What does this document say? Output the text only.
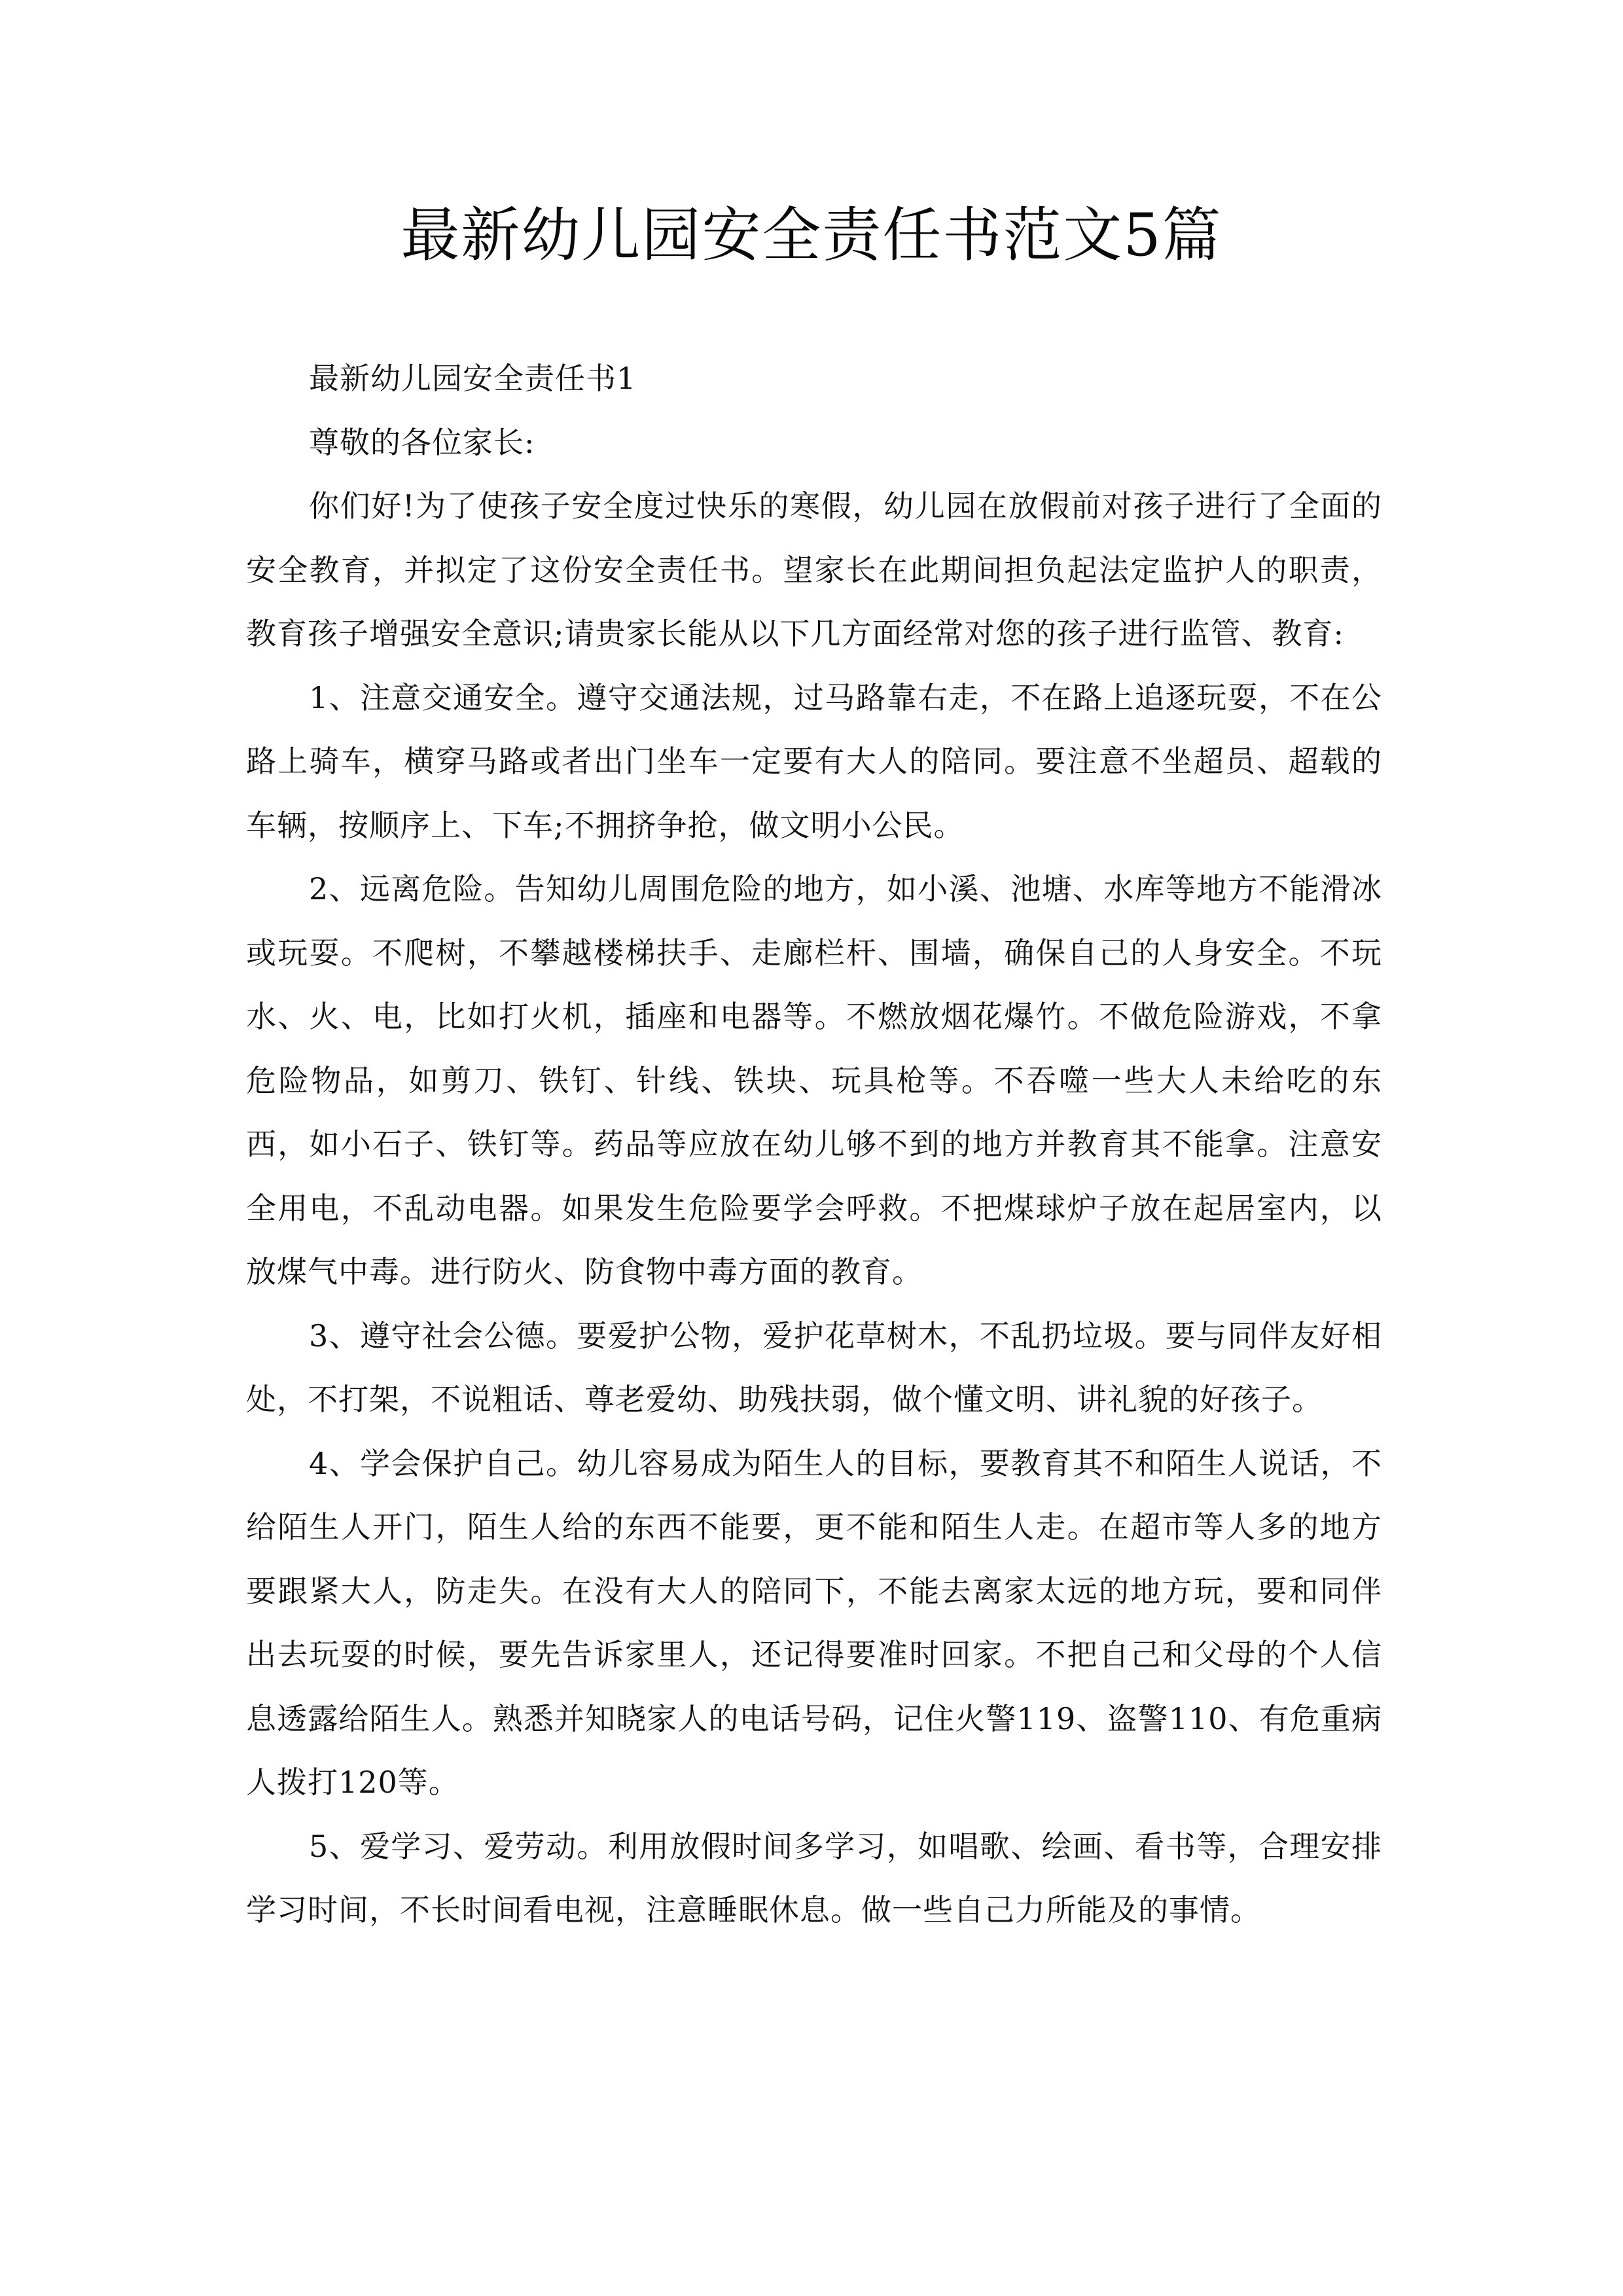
最新幼儿园安全责任书范文5篇

最新幼儿园安全责任书1

尊敬的各位家长:

你们好!为了使孩子安全度过快乐的寒假，幼儿园在放假前对孩子进行了全面的安全教育，并拟定了这份安全责任书。望家长在此期间担负起法定监护人的职责，教育孩子增强安全意识;请贵家长能从以下几方面经常对您的孩子进行监管、教育:

1、注意交通安全。遵守交通法规，过马路靠右走，不在路上追逐玩耍，不在公路上骑车，横穿马路或者出门坐车一定要有大人的陪同。要注意不坐超员、超载的车辆，按顺序上、下车;不拥挤争抢，做文明小公民。

2、远离危险。告知幼儿周围危险的地方，如小溪、池塘、水库等地方不能滑冰或玩耍。不爬树，不攀越楼梯扶手、走廊栏杆、围墙，确保自己的人身安全。不玩水、火、电，比如打火机，插座和电器等。不燃放烟花爆竹。不做危险游戏，不拿危险物品，如剪刀、铁钉、针线、铁块、玩具枪等。不吞噬一些大人未给吃的东西，如小石子、铁钉等。药品等应放在幼儿够不到的地方并教育其不能拿。注意安全用电，不乱动电器。如果发生危险要学会呼救。不把煤球炉子放在起居室内，以放煤气中毒。进行防火、防食物中毒方面的教育。

3、遵守社会公德。要爱护公物，爱护花草树木，不乱扔垃圾。要与同伴友好相处，不打架，不说粗话、尊老爱幼、助残扶弱，做个懂文明、讲礼貌的好孩子。

4、学会保护自己。幼儿容易成为陌生人的目标，要教育其不和陌生人说话，不给陌生人开门，陌生人给的东西不能要，更不能和陌生人走。在超市等人多的地方要跟紧大人，防走失。在没有大人的陪同下，不能去离家太远的地方玩，要和同伴出去玩耍的时候，要先告诉家里人，还记得要准时回家。不把自己和父母的个人信息透露给陌生人。熟悉并知晓家人的电话号码，记住火警119、盗警110、有危重病人拨打120等。

5、爱学习、爱劳动。利用放假时间多学习，如唱歌、绘画、看书等，合理安排学习时间，不长时间看电视，注意睡眠休息。做一些自己力所能及的事情。
